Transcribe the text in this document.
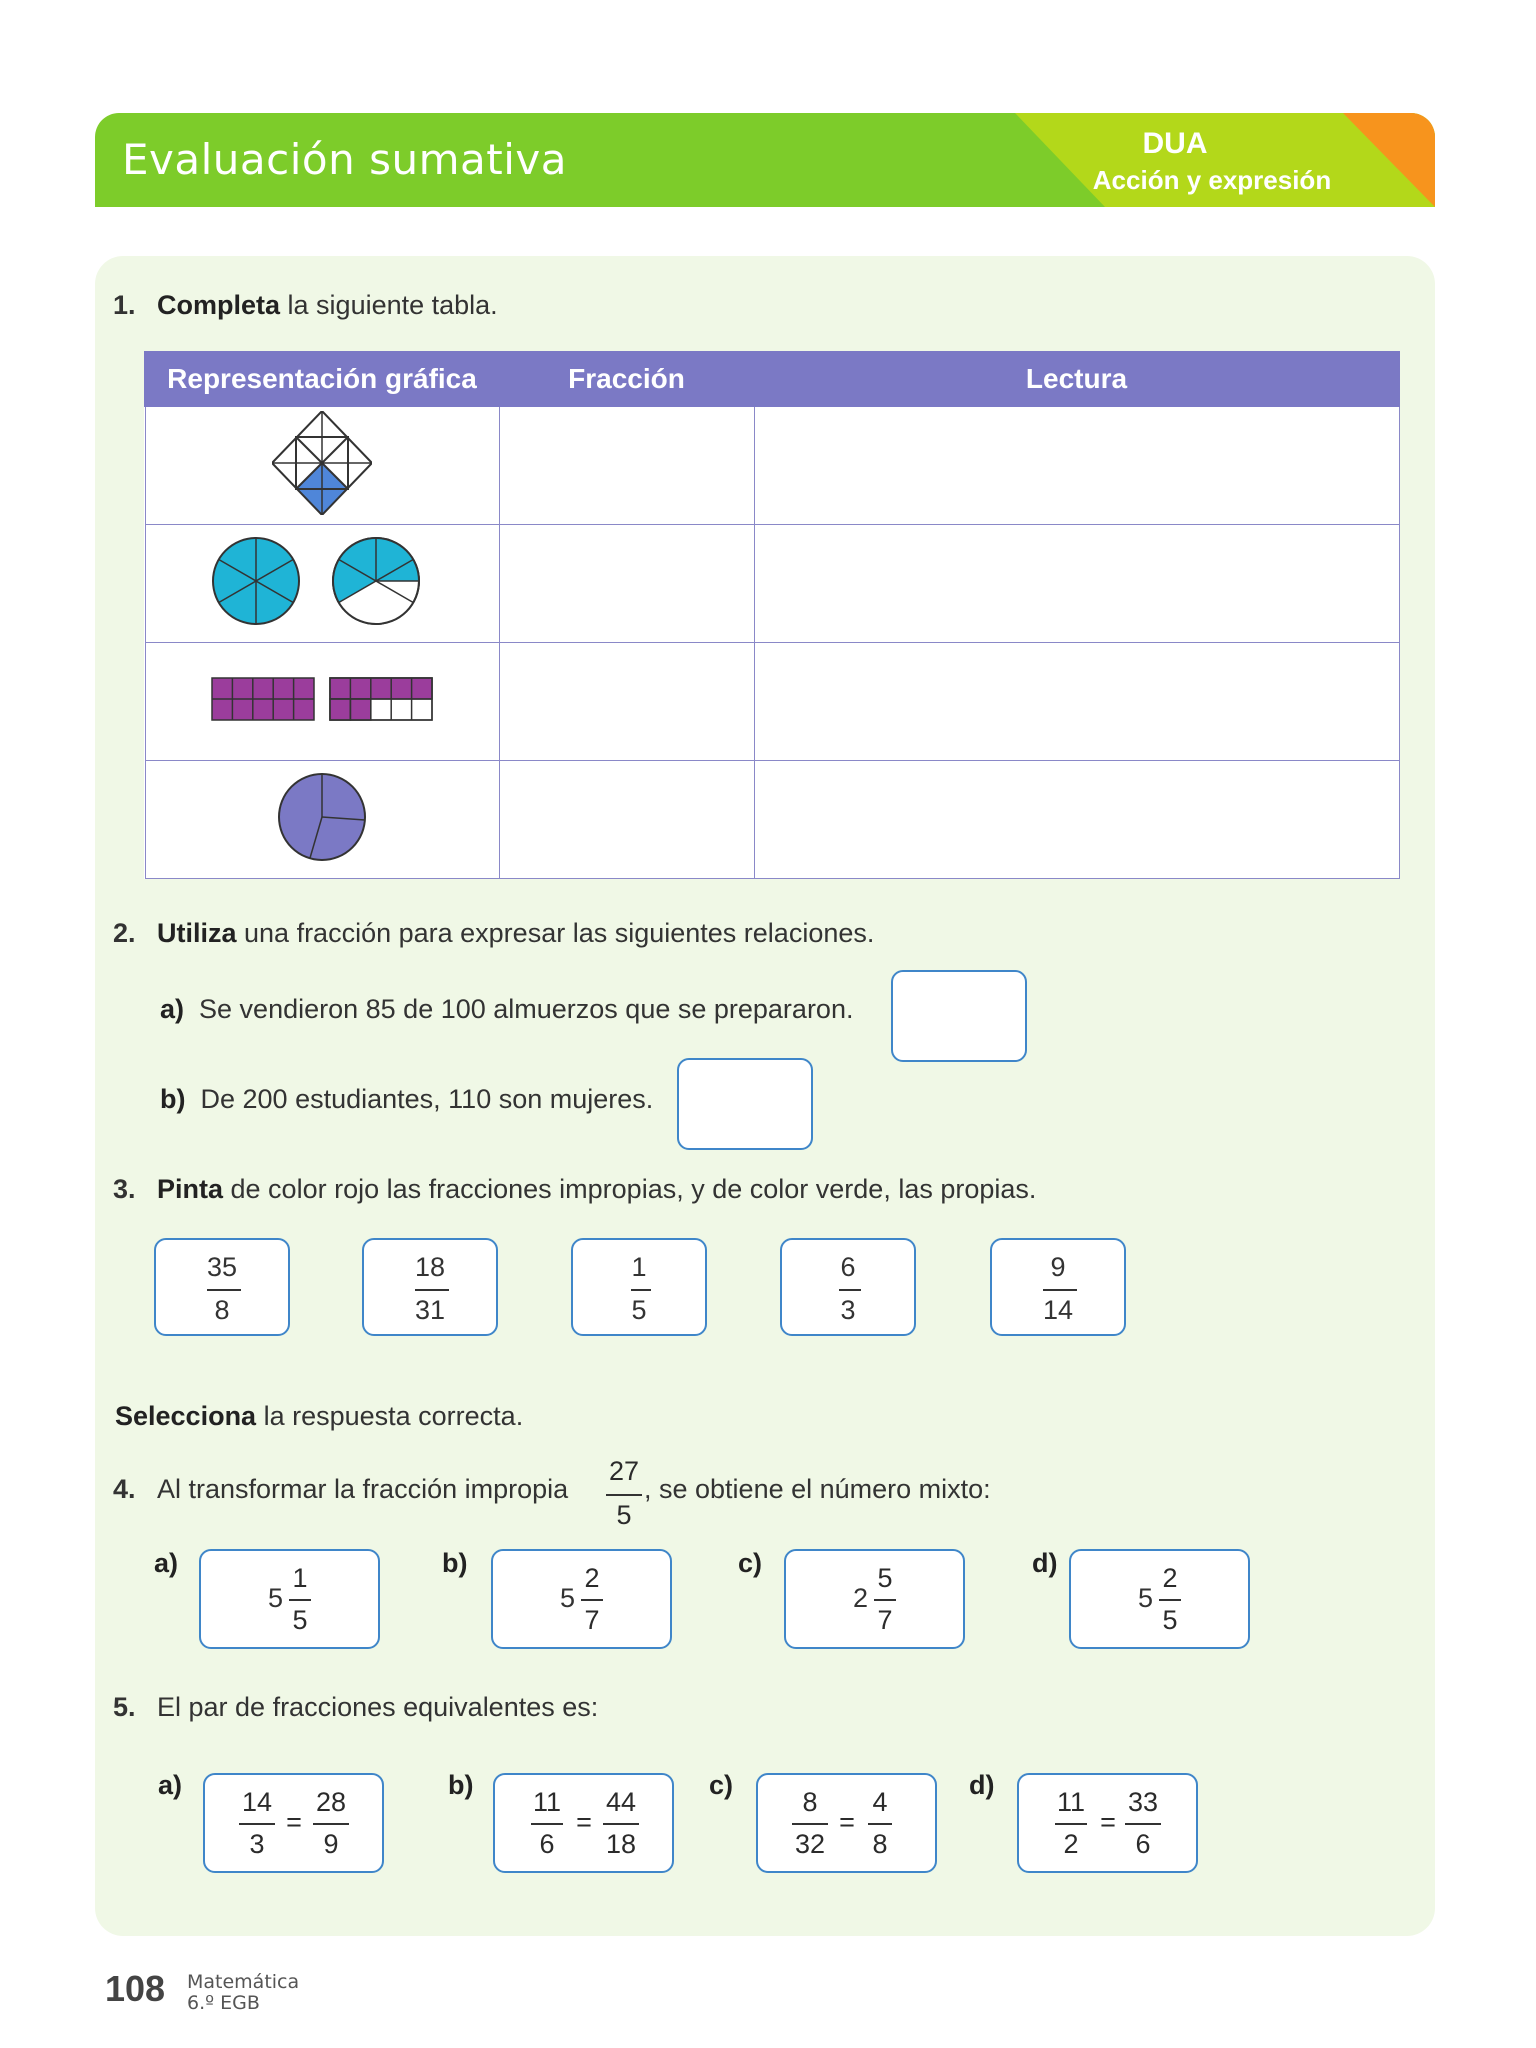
Evaluación sumativa	DUA
Acción y expresión
1. Completa la siguiente tabla.
Representación gráfica	Fracción	Lectura

2. Utiliza una fracción para expresar las siguientes relaciones.
a) Se vendieron 85 de 100 almuerzos que se prepararon.
b) De 200 estudiantes, 110 son mujeres.
3. Pinta de color rojo las fracciones impropias, y de color verde, las propias.
35
8
18
31
1
5
6
3
9
14
Selecciona la respuesta correcta.
4. Al transformar la fracción impropia
27
5
, se obtiene el número mixto:
a)
5
1
5
b)
5
2
7
c)
2
5
7
d)
5
2
5
5. El par de fracciones equivalentes es:
a)
14
3
=
28
9
b)
11
6
=
44
18
c)
8
32
=
4
8
d)
11
2
=
33
6
108 Matemática
6.º EGB
